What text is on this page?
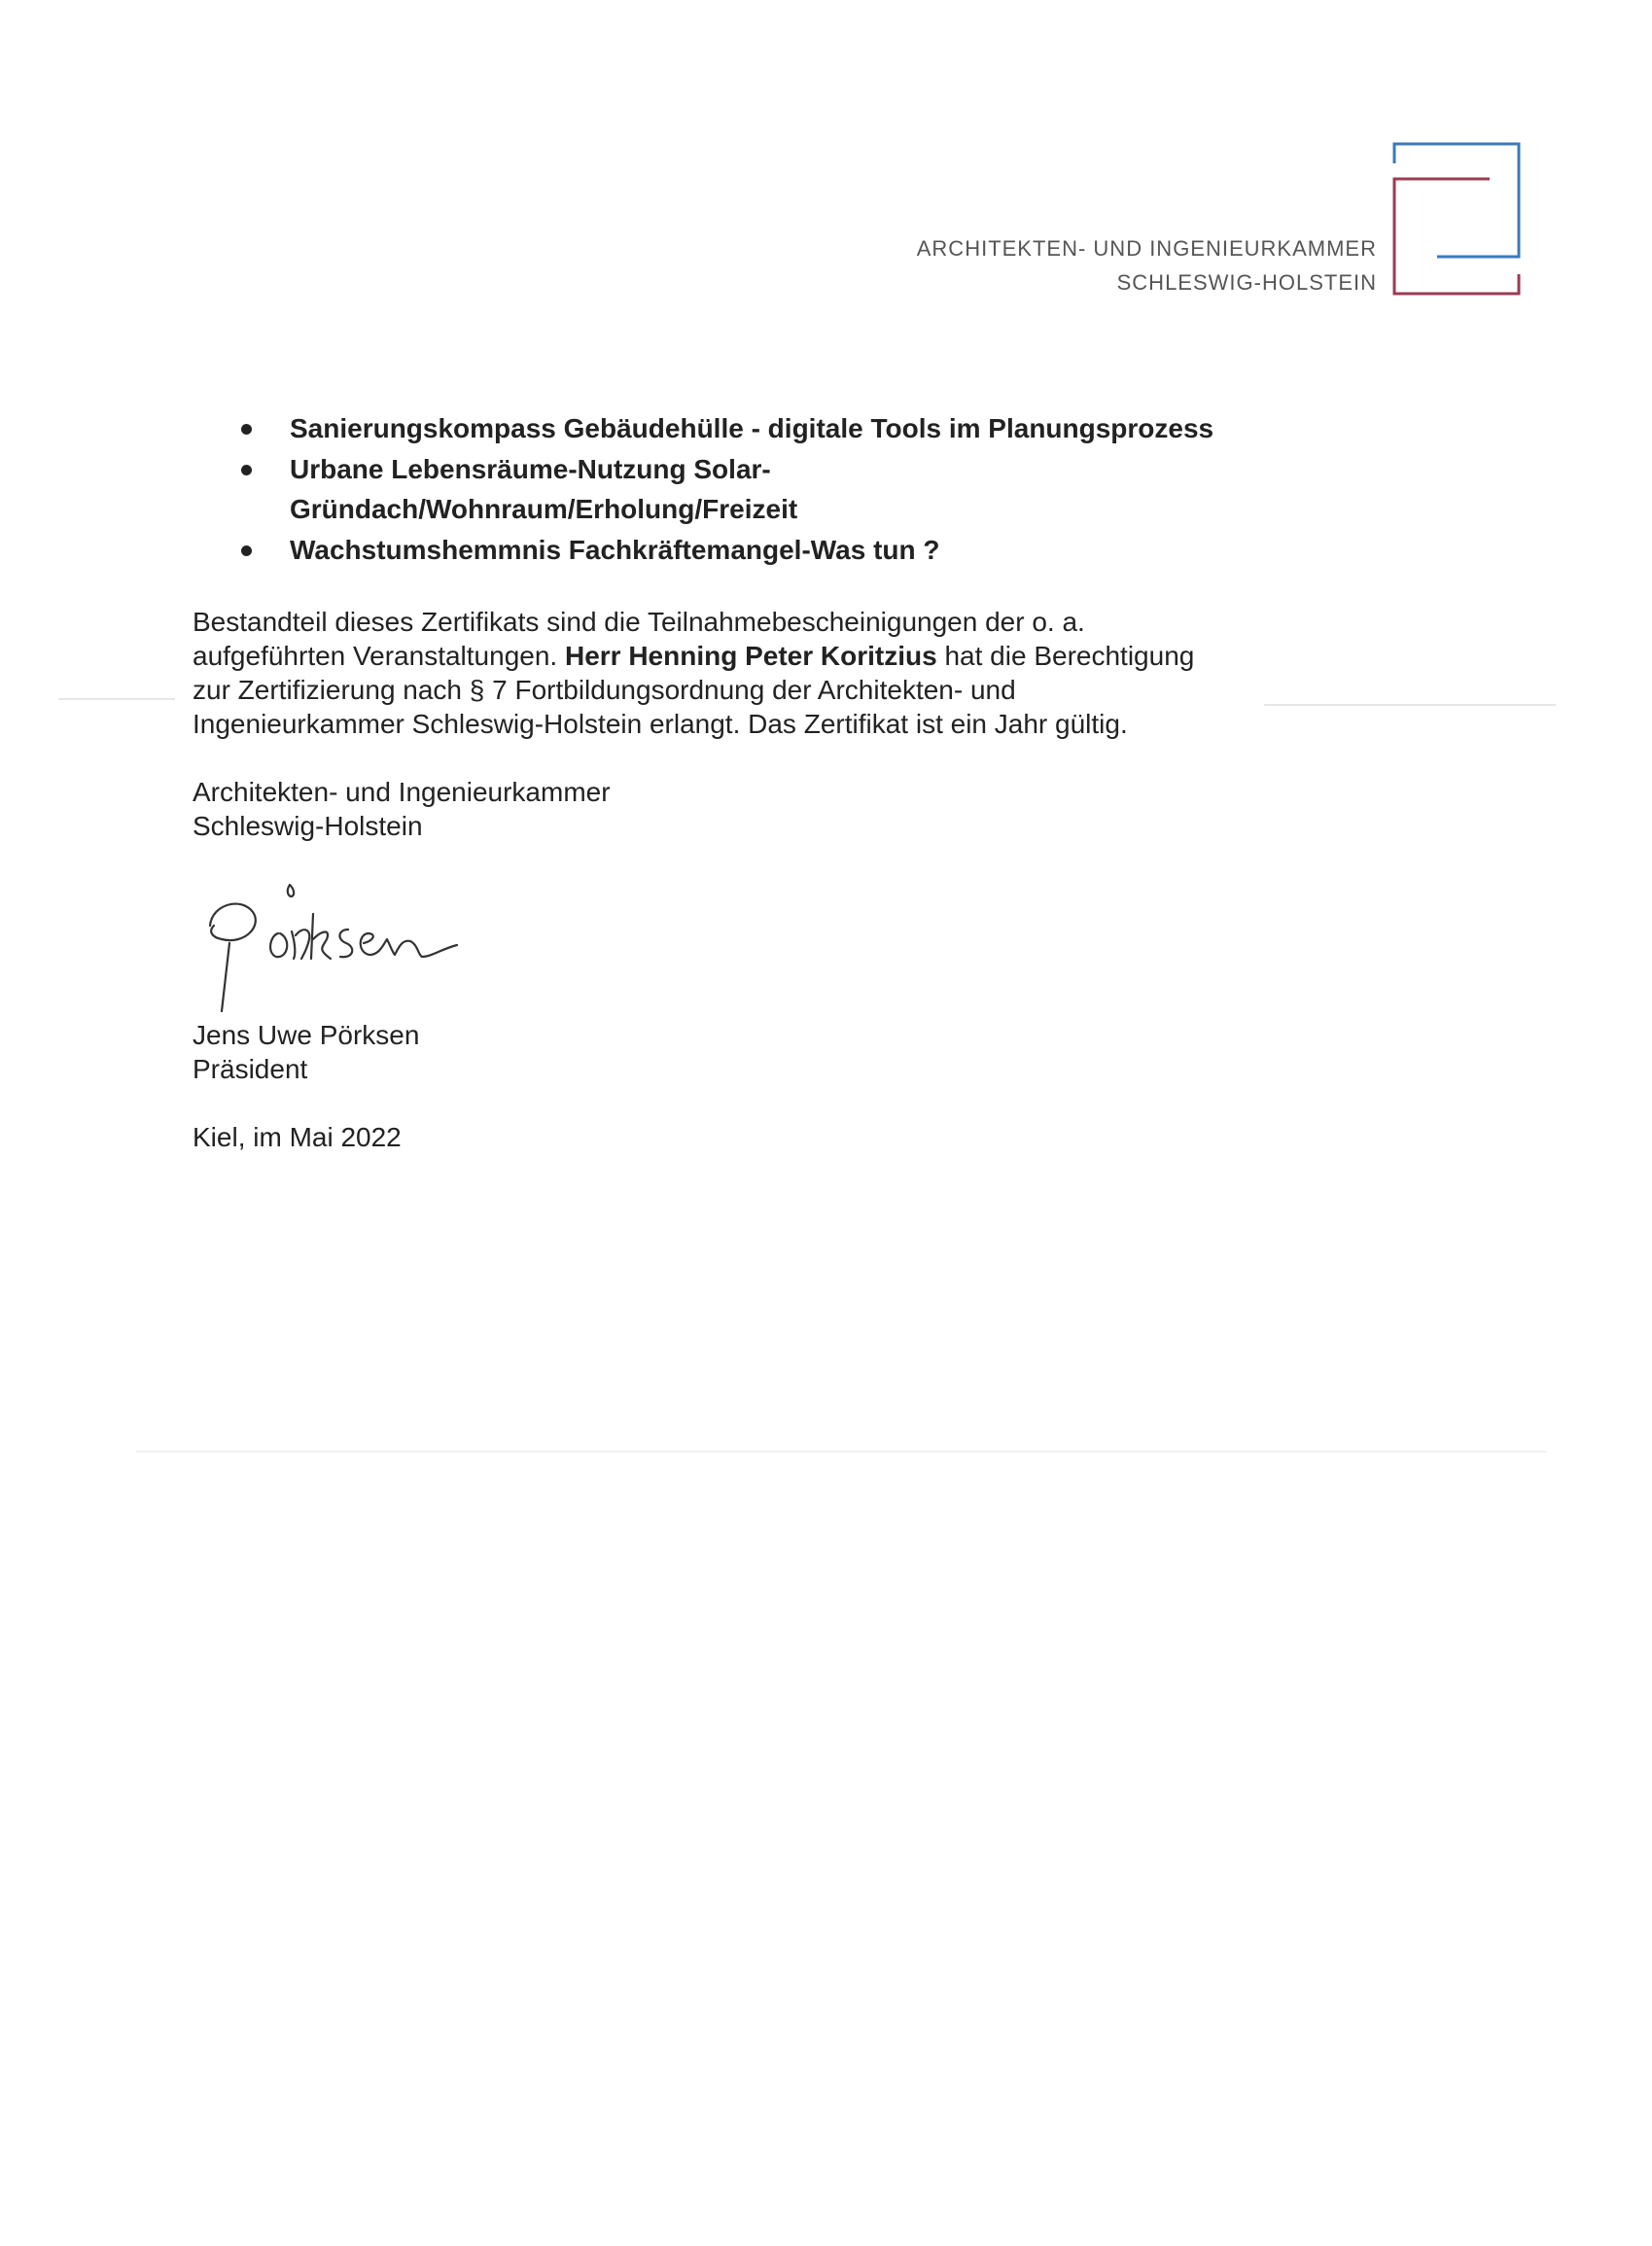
ARCHITEKTEN- UND INGENIEURKAMMER
SCHLESWIG-HOLSTEIN
Sanierungskompass Gebäudehülle - digitale Tools im Planungsprozess
Urbane Lebensräume-Nutzung Solar-
Gründach/Wohnraum/Erholung/Freizeit
Wachstumshemmnis Fachkräftemangel-Was tun ?

Bestandteil dieses Zertifikats sind die Teilnahmebescheinigungen der o. a.
aufgeführten Veranstaltungen. Herr Henning Peter Koritzius hat die Berechtigung
zur Zertifizierung nach § 7 Fortbildungsordnung der Architekten- und
Ingenieurkammer Schleswig-Holstein erlangt. Das Zertifikat ist ein Jahr gültig.

Architekten- und Ingenieurkammer
Schleswig-Holstein
Jens Uwe Pörksen
Präsident
Kiel, im Mai 2022
